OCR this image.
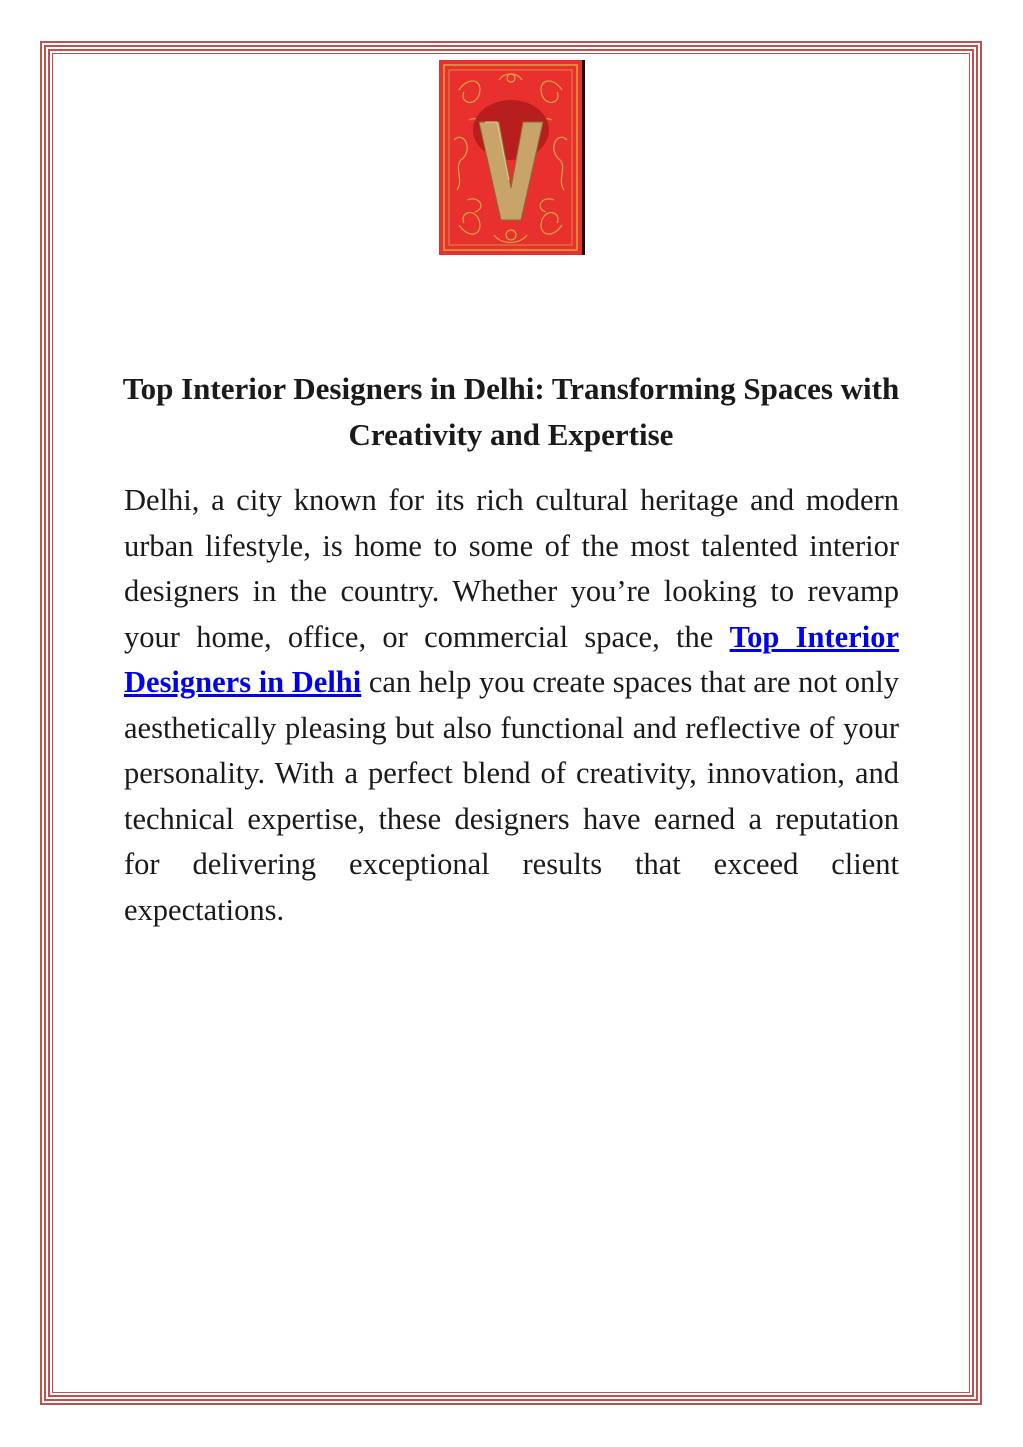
Top Interior Designers in Delhi: Transforming Spaces with Creativity and Expertise

Delhi, a city known for its rich cultural heritage and modern urban lifestyle, is home to some of the most talented interior designers in the country. Whether you’re looking to revamp your home, office, or commercial space, the Top Interior Designers in Delhi can help you create spaces that are not only aesthetically pleasing but also functional and reflective of your personality. With a perfect blend of creativity, innovation, and technical expertise, these designers have earned a reputation for delivering exceptional results that exceed client expectations.
